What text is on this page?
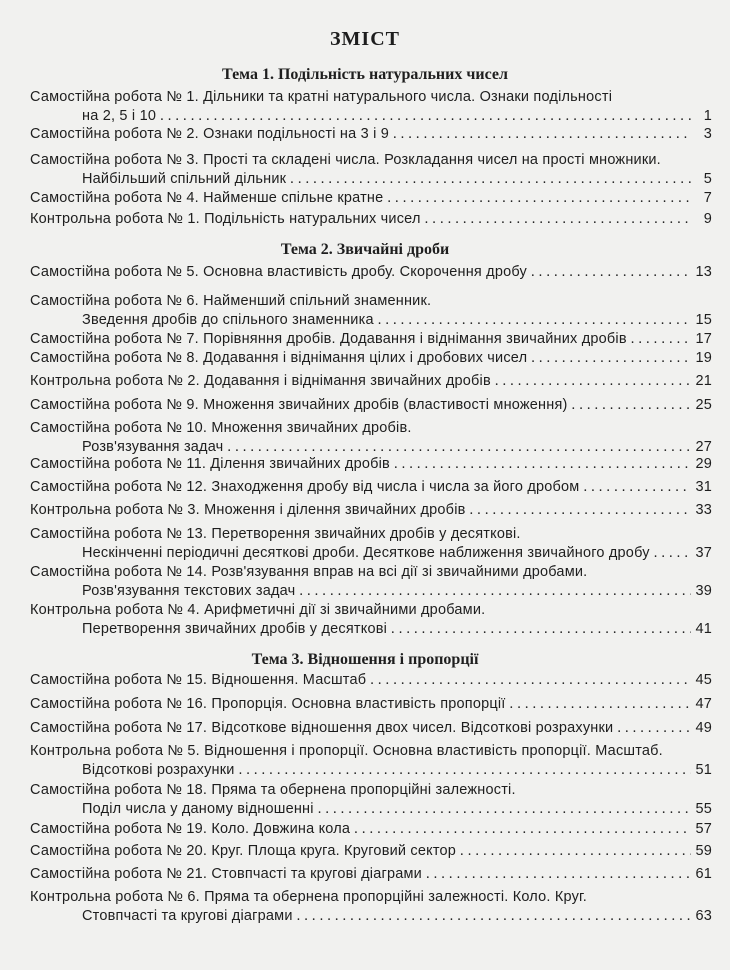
ЗМІСТ
Тема 1. Подільність натуральних чисел
Самостійна робота № 1. Дільники та кратні натурального числа. Ознаки подільності
на 2, 5 і 10 . . .	1
Самостійна робота № 2. Ознаки подільності на 3 і 9 . . .	3
Самостійна робота № 3. Прості та складені числа. Розкладання чисел на прості множники.
Найбільший спільний дільник . . .	5
Самостійна робота № 4. Найменше спільне кратне . . .	7
Контрольна робота № 1. Подільність натуральних чисел . . .	9
Тема 2. Звичайні дроби
Самостійна робота № 5. Основна властивість дробу. Скорочення дробу . . .	13
Самостійна робота № 6. Найменший спільний знаменник.
Зведення дробів до спільного знаменника . . .	15
Самостійна робота № 7. Порівняння дробів. Додавання і віднімання звичайних дробів . . .	17
Самостійна робота № 8. Додавання і віднімання цілих і дробових чисел . . .	19
Контрольна робота № 2. Додавання і віднімання звичайних дробів . . .	21
Самостійна робота № 9. Множення звичайних дробів (властивості множення) . . .	25
Самостійна робота № 10. Множення звичайних дробів.
Розв'язування задач . . .	27
Самостійна робота № 11. Ділення звичайних дробів . . .	29
Самостійна робота № 12. Знаходження дробу від числа і числа за його дробом . . .	31
Контрольна робота № 3. Множення і ділення звичайних дробів . . .	33
Самостійна робота № 13. Перетворення звичайних дробів у десяткові.
Нескінченні періодичні десяткові дроби. Десяткове наближення звичайного дробу . . .	37
Самостійна робота № 14. Розв'язування вправ на всі дії зі звичайними дробами.
Розв'язування текстових задач . . .	39
Контрольна робота № 4. Арифметичні дії зі звичайними дробами.
Перетворення звичайних дробів у десяткові . . .	41
Тема 3. Відношення і пропорції
Самостійна робота № 15. Відношення. Масштаб . . .	45
Самостійна робота № 16. Пропорція. Основна властивість пропорції . . .	47
Самостійна робота № 17. Відсоткове відношення двох чисел. Відсоткові розрахунки . . .	49
Контрольна робота № 5. Відношення і пропорції. Основна властивість пропорції. Масштаб.
Відсоткові розрахунки . . .	51
Самостійна робота № 18. Пряма та обернена пропорційні залежності.
Поділ числа у даному відношенні . . .	55
Самостійна робота № 19. Коло. Довжина кола . . .	57
Самостійна робота № 20. Круг. Площа круга. Круговий сектор . . .	59
Самостійна робота № 21. Стовпчасті та кругові діаграми . . .	61
Контрольна робота № 6. Пряма та обернена пропорційні залежності. Коло. Круг.
Стовпчасті та кругові діаграми . . .	63
